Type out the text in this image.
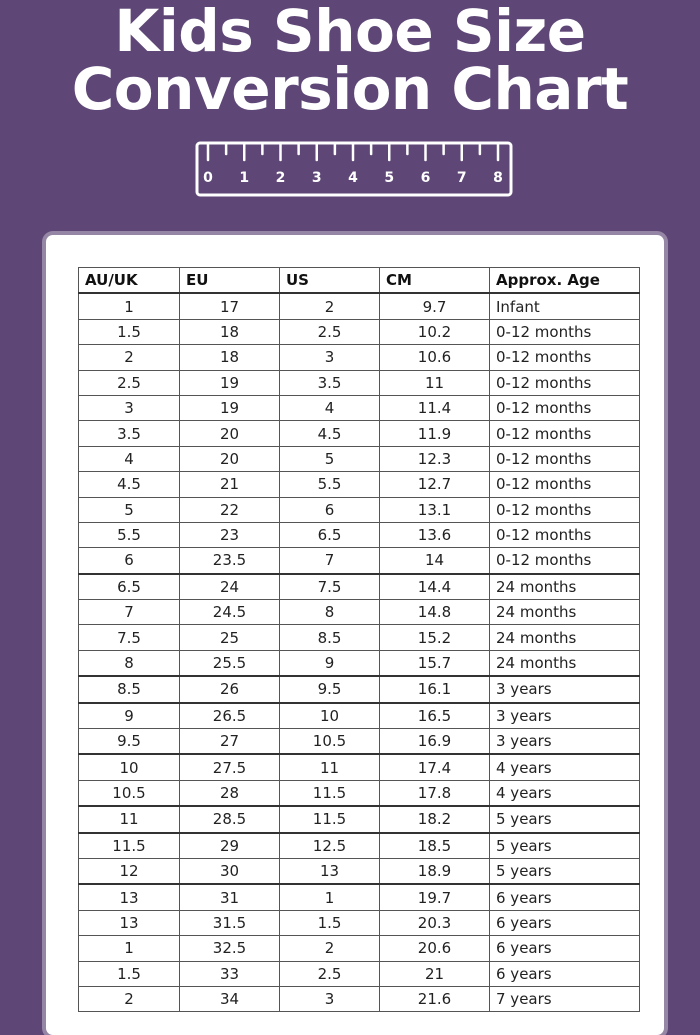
Kids Shoe Size
Conversion Chart
0 1 2 3 4 5 6 7 8
AU/UK	EU	US	CM	Approx. Age
1	17	2	9.7	Infant
1.5	18	2.5	10.2	0-12 months
2	18	3	10.6	0-12 months
2.5	19	3.5	11	0-12 months
3	19	4	11.4	0-12 months
3.5	20	4.5	11.9	0-12 months
4	20	5	12.3	0-12 months
4.5	21	5.5	12.7	0-12 months
5	22	6	13.1	0-12 months
5.5	23	6.5	13.6	0-12 months
6	23.5	7	14	0-12 months
6.5	24	7.5	14.4	24 months
7	24.5	8	14.8	24 months
7.5	25	8.5	15.2	24 months
8	25.5	9	15.7	24 months
8.5	26	9.5	16.1	3 years
9	26.5	10	16.5	3 years
9.5	27	10.5	16.9	3 years
10	27.5	11	17.4	4 years
10.5	28	11.5	17.8	4 years
11	28.5	11.5	18.2	5 years
11.5	29	12.5	18.5	5 years
12	30	13	18.9	5 years
13	31	1	19.7	6 years
13	31.5	1.5	20.3	6 years
1	32.5	2	20.6	6 years
1.5	33	2.5	21	6 years
2	34	3	21.6	7 years
